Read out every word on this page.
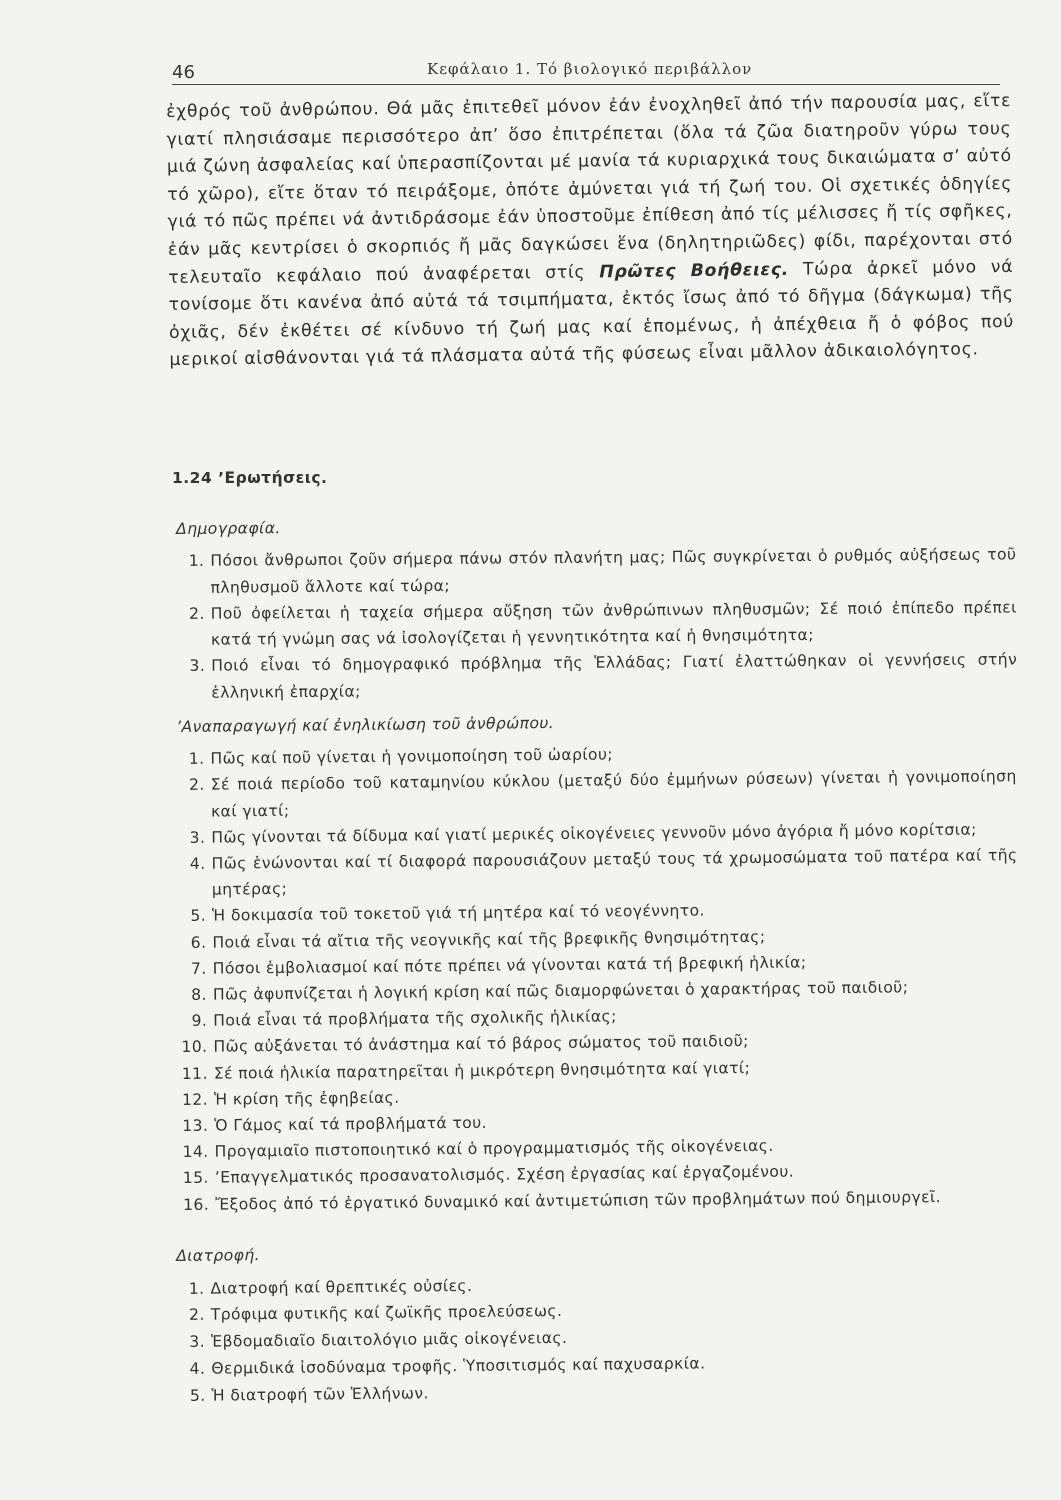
46	Κεφάλαιο 1. Τό βιολογικό περιβάλλον

ἐχθρός τοῦ ἀνθρώπου. Θά μᾶς ἐπιτεθεῖ μόνον ἐάν ἐνοχληθεῖ ἀπό τήν παρουσία μας, εἴτε γιατί πλησιάσαμε περισσότερο ἀπ’ ὅσο ἐπιτρέπεται (ὅλα τά ζῶα διατηροῦν γύρω τους μιά ζώνη ἀσφαλείας καί ὑπερασπίζονται μέ μανία τά κυριαρχικά τους δικαιώματα σ’ αὐτό τό χῶρο), εἴτε ὅταν τό πειράξομε, ὁπότε ἀμύνεται γιά τή ζωή του. Οἱ σχετικές ὁδηγίες γιά τό πῶς πρέπει νά ἀντιδράσομε ἐάν ὑποστοῦμε ἐπίθεση ἀπό τίς μέλισσες ἤ τίς σφῆκες, ἐάν μᾶς κεντρίσει ὁ σκορπιός ἤ μᾶς δαγκώσει ἕνα (δηλητηριῶδες) φίδι, παρέχονται στό τελευταῖο κεφάλαιο πού ἀναφέρεται στίς Πρῶτες Βοήθειες. Τώρα ἀρκεῖ μόνο νά τονίσομε ὅτι κανένα ἀπό αὐτά τά τσιμπήματα, ἐκτός ἴσως ἀπό τό δῆγμα (δάγκωμα) τῆς ὀχιᾶς, δέν ἐκθέτει σέ κίνδυνο τή ζωή μας καί ἑπομένως, ἡ ἀπέχθεια ἤ ὁ φόβος πού μερικοί αἰσθάνονται γιά τά πλάσματα αὐτά τῆς φύσεως εἶναι μᾶλλον ἀδικαιολόγητος.

1.24 ’Ερωτήσεις.
Δημογραφία.
1. Πόσοι ἄνθρωποι ζοῦν σήμερα πάνω στόν πλανήτη μας; Πῶς συγκρίνεται ὁ ρυθμός αὐξήσεως τοῦ πληθυσμοῦ ἄλλοτε καί τώρα;
2. Ποῦ ὀφείλεται ἡ ταχεία σήμερα αὔξηση τῶν ἀνθρώπινων πληθυσμῶν; Σέ ποιό ἐπίπεδο πρέπει κατά τή γνώμη σας νά ἰσολογίζεται ἡ γεννητικότητα καί ἡ θνησιμότητα;
3. Ποιό εἶναι τό δημογραφικό πρόβλημα τῆς Ἑλλάδας; Γιατί ἐλαττώθηκαν οἱ γεννήσεις στήν ἑλληνική ἐπαρχία;
’Αναπαραγωγή καί ἐνηλικίωση τοῦ ἀνθρώπου.
1. Πῶς καί ποῦ γίνεται ἡ γονιμοποίηση τοῦ ὠαρίου;
2. Σέ ποιά περίοδο τοῦ καταμηνίου κύκλου (μεταξύ δύο ἐμμήνων ρύσεων) γίνεται ἡ γονιμοποίηση καί γιατί;
3. Πῶς γίνονται τά δίδυμα καί γιατί μερικές οἰκογένειες γεννοῦν μόνο ἀγόρια ἤ μόνο κορίτσια;
4. Πῶς ἑνώνονται καί τί διαφορά παρουσιάζουν μεταξύ τους τά χρωμοσώματα τοῦ πατέρα καί τῆς μητέρας;
5. Ἡ δοκιμασία τοῦ τοκετοῦ γιά τή μητέρα καί τό νεογέννητο.
6. Ποιά εἶναι τά αἴτια τῆς νεογνικῆς καί τῆς βρεφικῆς θνησιμότητας;
7. Πόσοι ἐμβολιασμοί καί πότε πρέπει νά γίνονται κατά τή βρεφική ἡλικία;
8. Πῶς ἀφυπνίζεται ἡ λογική κρίση καί πῶς διαμορφώνεται ὁ χαρακτήρας τοῦ παιδιοῦ;
9. Ποιά εἶναι τά προβλήματα τῆς σχολικῆς ἡλικίας;
10. Πῶς αὐξάνεται τό ἀνάστημα καί τό βάρος σώματος τοῦ παιδιοῦ;
11. Σέ ποιά ἡλικία παρατηρεῖται ἡ μικρότερη θνησιμότητα καί γιατί;
12. Ἡ κρίση τῆς ἐφηβείας.
13. Ὁ Γάμος καί τά προβλήματά του.
14. Προγαμιαῖο πιστοποιητικό καί ὁ προγραμματισμός τῆς οἰκογένειας.
15. ’Επαγγελματικός προσανατολισμός. Σχέση ἐργασίας καί ἐργαζομένου.
16. Ἔξοδος ἀπό τό ἐργατικό δυναμικό καί ἀντιμετώπιση τῶν προβλημάτων πού δημιουργεῖ.
Διατροφή.
1. Διατροφή καί θρεπτικές οὐσίες.
2. Τρόφιμα φυτικῆς καί ζωϊκῆς προελεύσεως.
3. Ἑβδομαδιαῖο διαιτολόγιο μιᾶς οἰκογένειας.
4. Θερμιδικά ἰσοδύναμα τροφῆς. Ὑποσιτισμός καί παχυσαρκία.
5. Ἡ διατροφή τῶν Ἑλλήνων.
